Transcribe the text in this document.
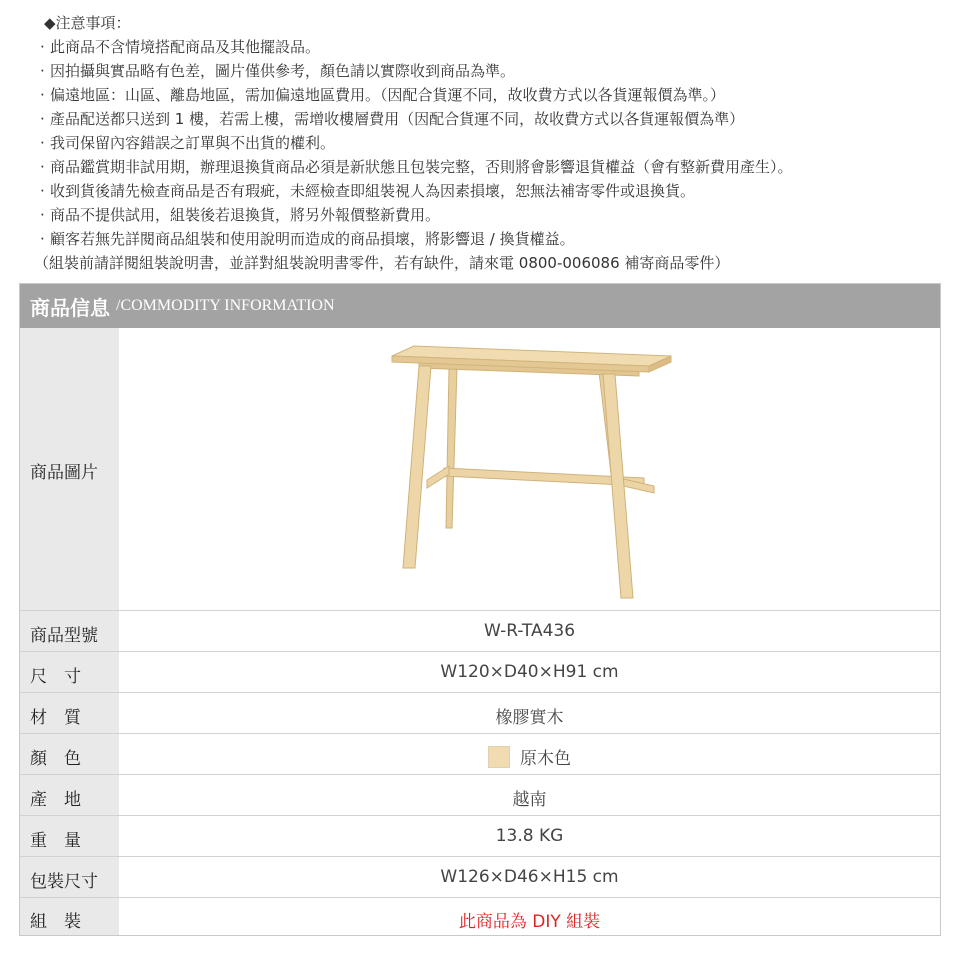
◆注意事項：
· 此商品不含情境搭配商品及其他擺設品。
· 因拍攝與實品略有色差，圖片僅供參考，顏色請以實際收到商品為準。
· 偏遠地區：山區、離島地區，需加偏遠地區費用。（因配合貨運不同，故收費方式以各貨運報價為準。）
· 產品配送都只送到 1 樓，若需上樓，需增收樓層費用（因配合貨運不同，故收費方式以各貨運報價為準）
· 我司保留內容錯誤之訂單與不出貨的權利。
· 商品鑑賞期非試用期，辦理退換貨商品必須是新狀態且包裝完整，否則將會影響退貨權益（會有整新費用產生）。
· 收到貨後請先檢查商品是否有瑕疵，未經檢查即組裝視人為因素損壞，恕無法補寄零件或退換貨。
· 商品不提供試用，組裝後若退換貨，將另外報價整新費用。
· 顧客若無先詳閱商品組裝和使用說明而造成的商品損壞，將影響退 / 換貨權益。
（組裝前請詳閱組裝說明書，並詳對組裝說明書零件，若有缺件，請來電 0800-006086 補寄商品零件）
商品信息 /COMMODITY INFORMATION
商品圖片
商品型號	W-R-TA436
尺　寸	W120×D40×H91 cm
材　質	橡膠實木
顏　色	原木色
產　地	越南
重　量	13.8 KG
包裝尺寸	W126×D46×H15 cm
組　裝	此商品為 DIY 組裝
